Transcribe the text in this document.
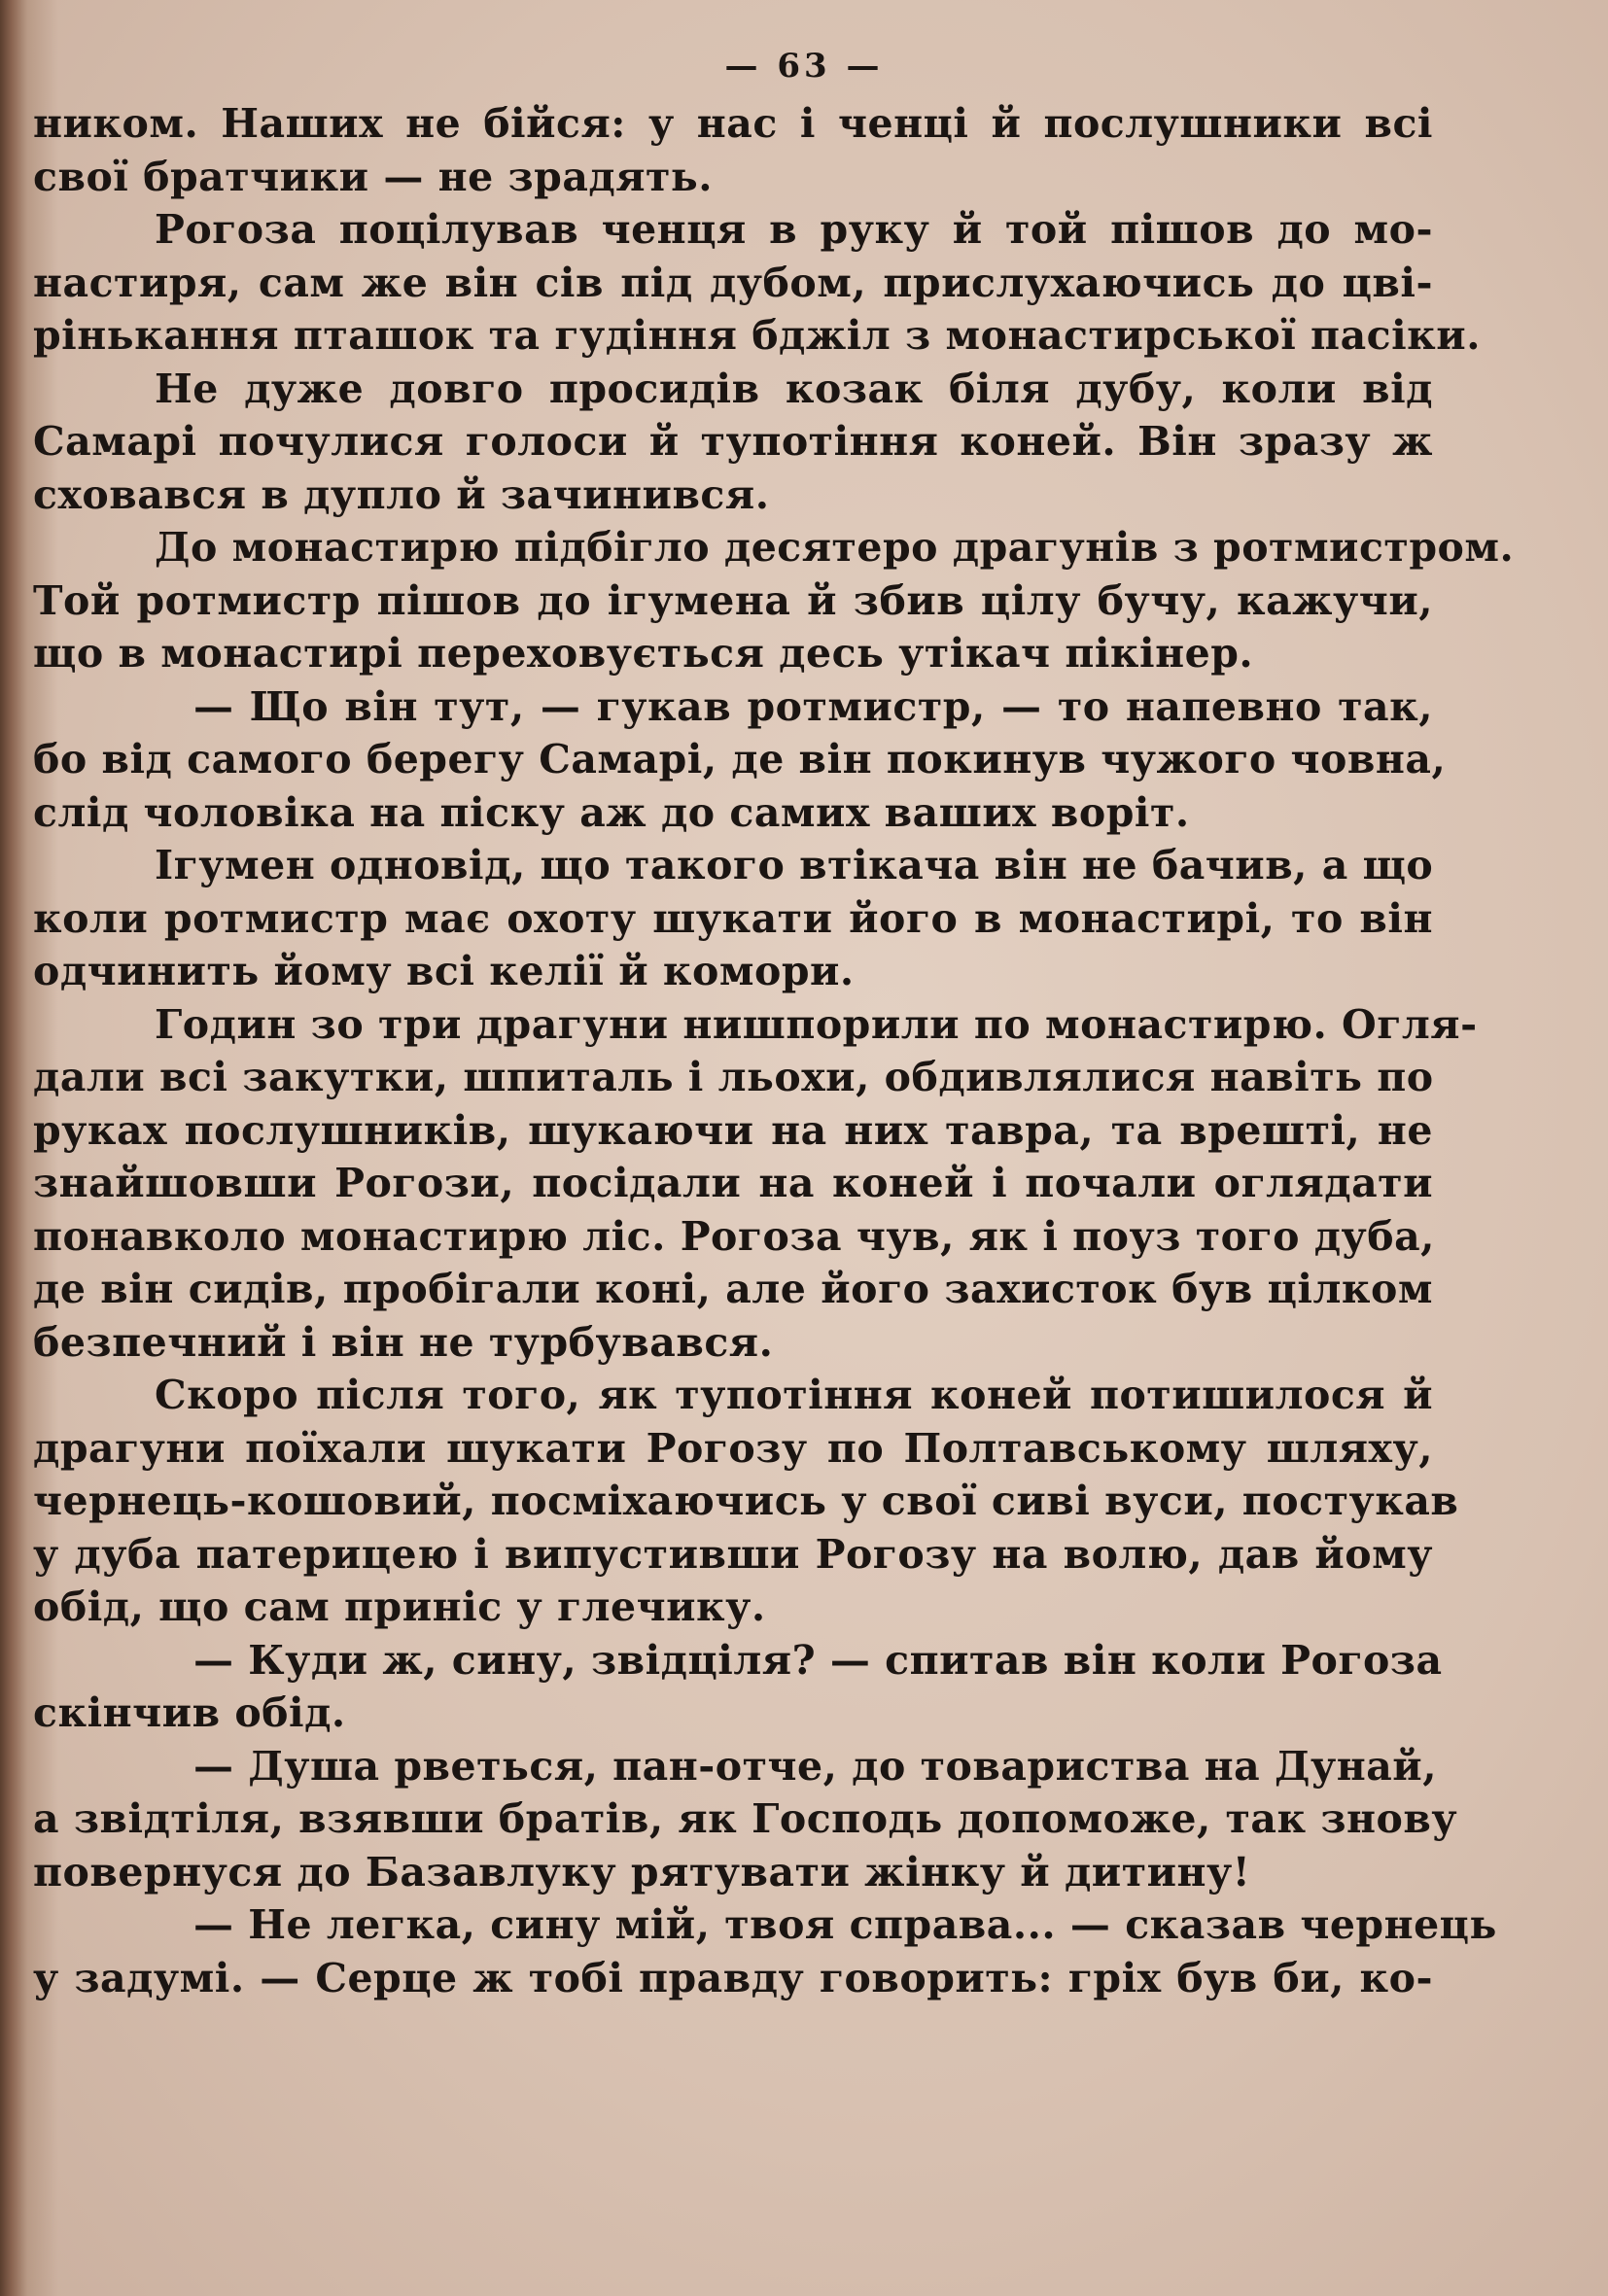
— 63 —
ником. Наших не бійся: у нас і ченці й послушники всі
свої братчики — не зрадять.
Рогоза поцілував ченця в руку й той пішов до мо-
настиря, сам же він сів під дубом, прислухаючись до цві-
рінькання пташок та гудіння бджіл з монастирської пасіки.
Не дуже довго просидів козак біля дубу, коли від
Самарі почулися голоси й тупотіння коней. Він зразу ж
сховався в дупло й зачинився.
До монастирю підбігло десятеро драгунів з ротмистром.
Той ротмистр пішов до ігумена й збив цілу бучу, кажучи,
що в монастирі переховується десь утікач пікінер.
— Що він тут, — гукав ротмистр, — то напевно так,
бо від самого берегу Самарі, де він покинув чужого човна,
слід чоловіка на піску аж до самих ваших воріт.
Ігумен одновід, що такого втікача він не бачив, а що
коли ротмистр має охоту шукати його в монастирі, то він
одчинить йому всі келії й комори.
Годин зо три драгуни нишпорили по монастирю. Огля-
дали всі закутки, шпиталь і льохи, обдивлялися навіть по
руках послушників, шукаючи на них тавра, та врешті, не
знайшовши Рогози, посідали на коней і почали оглядати
понавколо монастирю ліс. Рогоза чув, як і поуз того дуба,
де він сидів, пробігали коні, але його захисток був цілком
безпечний і він не турбувався.
Скоро після того, як тупотіння коней потишилося й
драгуни поїхали шукати Рогозу по Полтавському шляху,
чернець-кошовий, посміхаючись у свої сиві вуси, постукав
у дуба патерицею і випустивши Рогозу на волю, дав йому
обід, що сам приніс у глечику.
— Куди ж, сину, звідціля? — спитав він коли Рогоза
скінчив обід.
— Душа рветься, пан-отче, до товариства на Дунай,
а звідтіля, взявши братів, як Господь допоможе, так знову
повернуся до Базавлуку рятувати жінку й дитину!
— Не легка, сину мій, твоя справа... — сказав чернець
у задумі. — Серце ж тобі правду говорить: гріх був би, ко-
